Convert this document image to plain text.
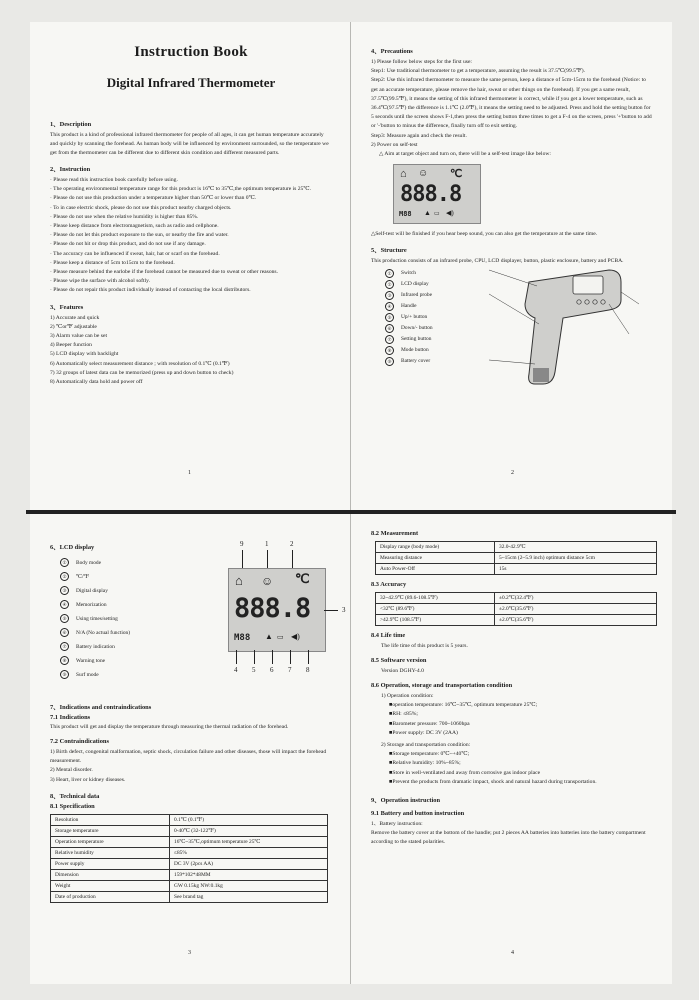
Instruction Book
Digital Infrared Thermometer
1、Description

This product is a kind of professional infrared thermometer for people of all ages, it can get human temperature accurately and quickly by scanning the forehead. As human body will be influenced by environment surrounded, so the temperature we get from the thermometer can be different due to different skin condition and different measured parts.

2、Instruction
· Please read this instruction book carefully before using.
· The operating environmental temperature range for this product is 16℃ to 35℃,the optimum temperature is 25℃.
· Please do not use this production under a temperature higher than 50℃ or lower than 0℃.
· To in case electric shock, please do not use this product nearby charged objects.
· Please do not use when the relative humidity is higher than 85%.
· Please keep distance from electromagnetism, such as radio and cellphone.
· Please do not let this product exposure to the sun, or nearby the fire and water.
· Please do not hit or drop this product, and do not use if any damage.
· The accuracy can be influenced if sweat, hair, hat or scarf on the forehead.
· Please keep a distance of 5cm to15cm to the forehead.
· Please measure behind the earlobe if the forehead cannot be measured due to sweat or other reasons.
· Please wipe the surface with alcohol softly.
· Please do not repair this product individually instead of contacting the local distributors.
3、Features
1) Accurate and quick
2) ℃or℉ adjustable
3) Alarm value can be set
4) Beeper function
5) LCD display with backlight
6) Automatically select measurement distance ; with resolution of 0.1℃ (0.1℉)
7) 32 groups of latest data can be memorized (press up and down button to check)
8) Automatically data hold and power off
1
4、Precautions
1) Please follow below steps for the first use:
Step1: Use traditional thermometer to get a temperature, assuming the result is 37.5℃(99.5℉).
Step2: Use this infrared thermometer to measure the same person, keep a distance of 5cm-15cm to the forehead (Notice: to get an accurate temperature, please remove the hair, sweat or other things on the forehead). If you get a same result, 37.5℃(99.5℉), it means the setting of this infrared thermometer is correct, while if you get a lower temperature, such as 36.4℃(97.5℉) the difference is 1.1℃ (2.0℉), it means the setting need to be adjusted. Press and hold the setting button for 5 seconds until the screen shows F-1,then press the setting button three times to get a F-4 on the screen, press '+'button to add or '-'button to minus the difference, finally turn off to exit setting.
Step3: Measure again and check the result.
2) Power on self-test
△ Aim at target object and turn on, there will be a self-test image like below:
⌂ ☺ ℃
888.8
M88 ▲ ▭ ◀)
△Self-test will be finished if you hear beep sound, you can also get the temperature at the same time.
5、Structure

This production consists of an infrared probe, CPU, LCD displayer, button, plastic enclosure, battery and PCBA.

① Switch
② LCD display
③ Infrared probe
④ Handle
⑤ Up/+ button
⑥ Down/- button
⑦ Setting button
⑧ Mode button
⑨ Battery cover
2
6、LCD display
① Body mode
② ℃/℉
③ Digital display
④ Memorization
⑤ Using times/setting
⑥ N/A (No actual function)
⑦ Battery indication
⑧ Warning tone
⑨ Surf mode
9	1	2
⌂ ☺ ℃
888.8
M88 ▲ ▭ ◀)
3
4 5 6 7 8
7、Indications and contraindications
7.1 Indications

This product will get and display the temperature through measuring the thermal radiation of the forehead.

7.2 Contraindications
1) Birth defect, congenital malformation, septic shock, circulation failure and other diseases, those will impact the forehead measurement.
2) Mental disorder.
3) Heart, liver or kidney diseases.
8、Technical data
8.1 Specification
Resolution	0.1℃ (0.1℉)
Storage temperature	0-40℃ (32-122℉)
Operation temperature	16℃~35℃,optimum temperature 25℃
Relative humidity	≤85%
Power supply	DC 3V (2pcs AA)
Dimension	159*102*48MM
Weight	GW 0.15kg NW:0.1kg
Date of production	See brand tag
3
8.2 Measurement
Display range (body mode)	32.0-42.9℃
Measuring distance	5~15cm (2~5.9 inch) optimum distance 5cm
Auto Power-Off	15s
8.3 Accuracy
32~42.9℃ (89.6-108.5℉)	±0.2℃(32.4℉)
<32℃ (89.6℉)	±2.0℃(35.6℉)
>42.9℃ (108.5℉)	±2.0℃(35.6℉)
8.4 Life time

The life time of this product is 5 years.

8.5 Software version

Version DGHY-4.0

8.6 Operation, storage and transportation condition
1) Operation condition:
■operation temperature: 16℃~35℃, optimum temperature 25℃;
■RH: ≤85%;
■Barometer pressure: 700~1060hpa
■Power supply: DC 3V (2AA)
2) Storage and transportation condition:
■Storage temperature: 0℃~+40℃;
■Relative humidity: 10%~85%;
■Store in well-ventilated and away from corrosive gas indoor place
■Prevent the products from dramatic impact, shock and natural hazard during transportation.
9、Operation instruction
9.1 Battery and button instruction
1、Battery instruction:

Remove the battery cover at the bottom of the handle; put 2 pieces AA batteries into batteries into the battery compartment according to the stated polarities.

4
